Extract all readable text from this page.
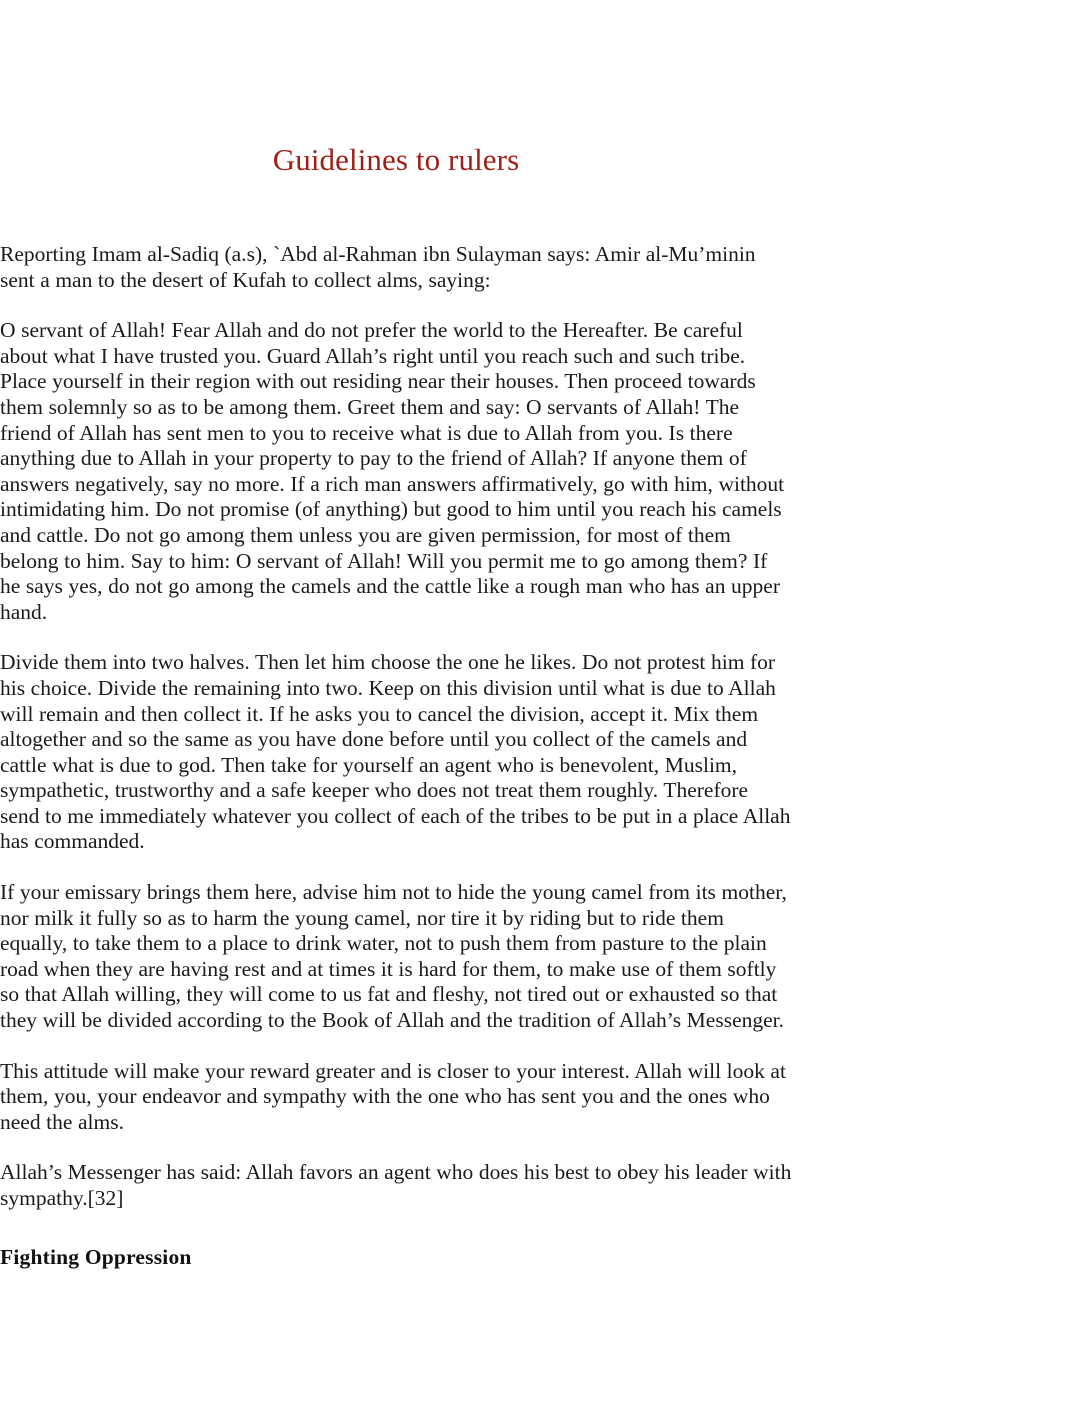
Guidelines to rulers

Reporting Imam al-Sadiq (a.s), `Abd al-Rahman ibn Sulayman says: Amir al-Mu’minin sent a man to the desert of Kufah to collect alms, saying:

O servant of Allah! Fear Allah and do not prefer the world to the Hereafter. Be careful about what I have trusted you. Guard Allah’s right until you reach such and such tribe. Place yourself in their region with out residing near their houses. Then proceed towards them solemnly so as to be among them. Greet them and say: O servants of Allah! The friend of Allah has sent men to you to receive what is due to Allah from you. Is there anything due to Allah in your property to pay to the friend of Allah? If anyone them of answers negatively, say no more. If a rich man answers affirmatively, go with him, without intimidating him. Do not promise (of anything) but good to him until you reach his camels and cattle. Do not go among them unless you are given permission, for most of them belong to him. Say to him: O servant of Allah! Will you permit me to go among them? If he says yes, do not go among the camels and the cattle like a rough man who has an upper hand.

Divide them into two halves. Then let him choose the one he likes. Do not protest him for his choice. Divide the remaining into two. Keep on this division until what is due to Allah will remain and then collect it. If he asks you to cancel the division, accept it. Mix them altogether and so the same as you have done before until you collect of the camels and cattle what is due to god. Then take for yourself an agent who is benevolent, Muslim, sympathetic, trustworthy and a safe keeper who does not treat them roughly. Therefore send to me immediately whatever you collect of each of the tribes to be put in a place Allah has commanded.

If your emissary brings them here, advise him not to hide the young camel from its mother, nor milk it fully so as to harm the young camel, nor tire it by riding but to ride them equally, to take them to a place to drink water, not to push them from pasture to the plain road when they are having rest and at times it is hard for them, to make use of them softly so that Allah willing, they will come to us fat and fleshy, not tired out or exhausted so that they will be divided according to the Book of Allah and the tradition of Allah’s Messenger.

This attitude will make your reward greater and is closer to your interest. Allah will look at them, you, your endeavor and sympathy with the one who has sent you and the ones who need the alms.

Allah’s Messenger has said: Allah favors an agent who does his best to obey his leader with sympathy.[32]

Fighting Oppression
